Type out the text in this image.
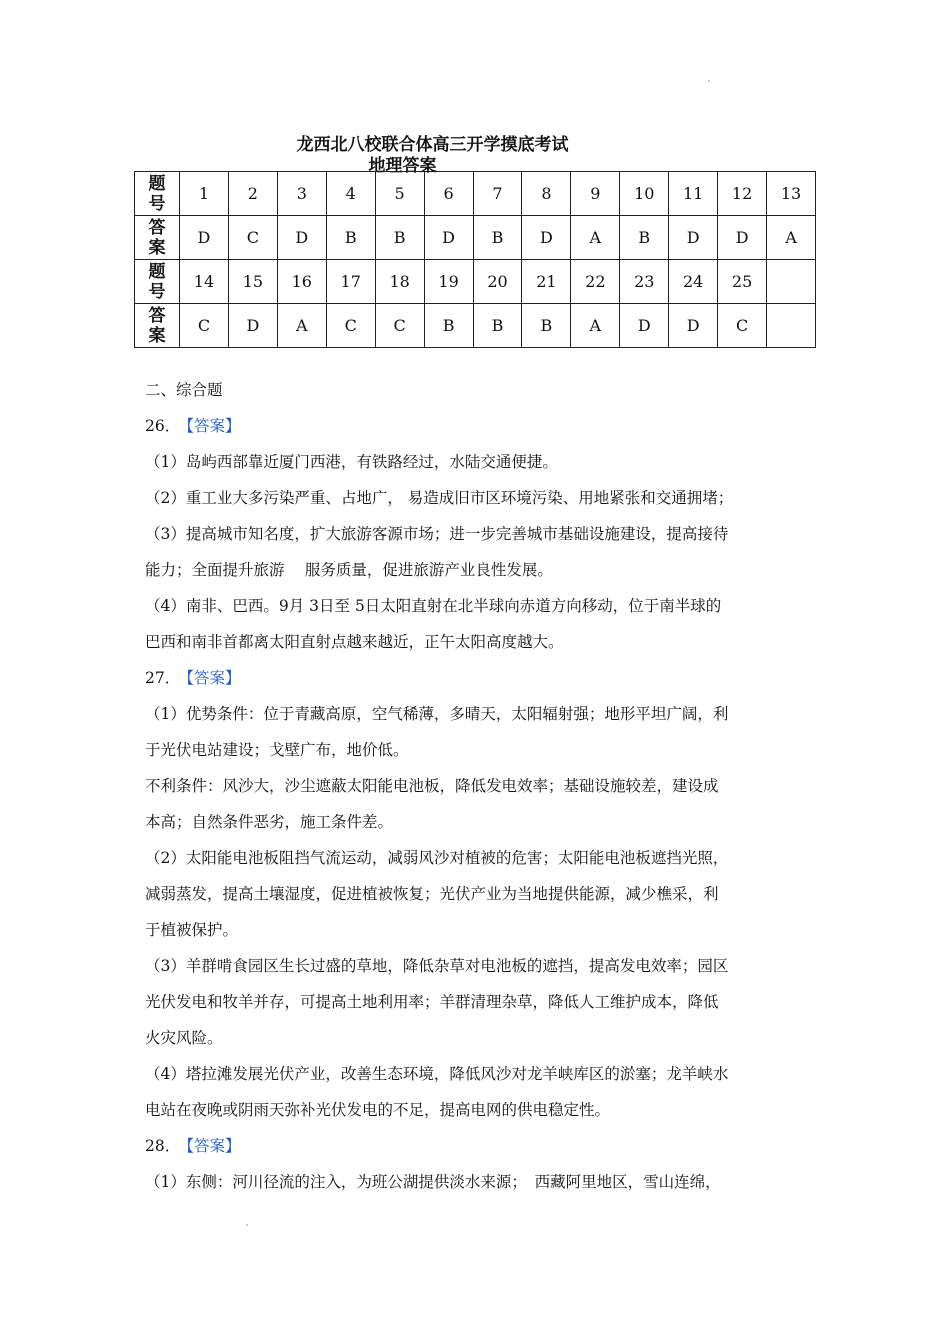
龙西北八校联合体高三开学摸底考试
地理答案
题
号	1	2	3	4	5	6	7	8	9	10	11	12	13
答
案	D	C	D	B	B	D	B	D	A	B	D	D	A
题
号	14	15	16	17	18	19	20	21	22	23	24	25	
答
案	C	D	A	C	C	B	B	B	A	D	D	C	
二、综合题
26． 【答案】
（1）岛屿西部靠近厦门西港，有铁路经过，水陆交通便捷。
（2）重工业大多污染严重、占地广， 易造成旧市区环境污染、用地紧张和交通拥堵；
（3）提高城市知名度，扩大旅游客源市场；进一步完善城市基础设施建设，提高接待
能力；全面提升旅游　 服务质量，促进旅游产业良性发展。
（4）南非、巴西。9月 3日至 5日太阳直射在北半球向赤道方向移动，位于南半球的
巴西和南非首都离太阳直射点越来越近，正午太阳高度越大。
27． 【答案】
（1）优势条件：位于青藏高原，空气稀薄，多晴天，太阳辐射强；地形平坦广阔，利
于光伏电站建设；戈壁广布，地价低。
不利条件：风沙大，沙尘遮蔽太阳能电池板，降低发电效率；基础设施较差，建设成
本高；自然条件恶劣，施工条件差。
（2）太阳能电池板阻挡气流运动，减弱风沙对植被的危害；太阳能电池板遮挡光照，
减弱蒸发，提高土壤湿度，促进植被恢复；光伏产业为当地提供能源，减少樵采，利
于植被保护。
（3）羊群啃食园区生长过盛的草地，降低杂草对电池板的遮挡，提高发电效率；园区
光伏发电和牧羊并存，可提高土地利用率；羊群清理杂草，降低人工维护成本，降低
火灾风险。
（4）塔拉滩发展光伏产业，改善生态环境，降低风沙对龙羊峡库区的淤塞；龙羊峡水
电站在夜晚或阴雨天弥补光伏发电的不足，提高电网的供电稳定性。
28． 【答案】
（1）东侧：河川径流的注入，为班公湖提供淡水来源；　西藏阿里地区，雪山连绵，
